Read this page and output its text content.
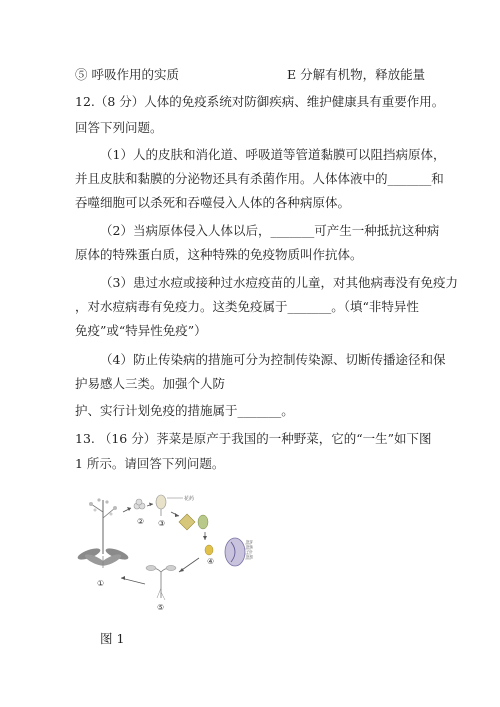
⑤ 呼吸作用的实质	E 分解有机物，释放能量
12.（8 分）人体的免疫系统对防御疾病、维护健康具有重要作用。
回答下列问题。
（1）人的皮肤和消化道、呼吸道等管道黏膜可以阻挡病原体，
并且皮肤和黏膜的分泌物还具有杀菌作用。人体体液中的_______和
吞噬细胞可以杀死和吞噬侵入人体的各种病原体。
（2）当病原体侵入人体以后，_______可产生一种抵抗这种病
原体的特殊蛋白质，这种特殊的免疫物质叫作抗体。
（3）患过水痘或接种过水痘疫苗的儿童，对其他病毒没有免疫力
，对水痘病毒有免疫力。这类免疫属于_______。（填“非特异性
免疫”或“特异性免疫”）
（4）防止传染病的措施可分为控制传染源、切断传播途径和保
护易感人三类。加强个人防
护、实行计划免疫的措施属于_______。
13. （16 分）荠菜是原产于我国的一种野菜，它的“一生”如下图
1 所示。请回答下列问题。
花药
胚芽
胚轴
子叶
胚根
①
② ③
④
⑤
图 1
